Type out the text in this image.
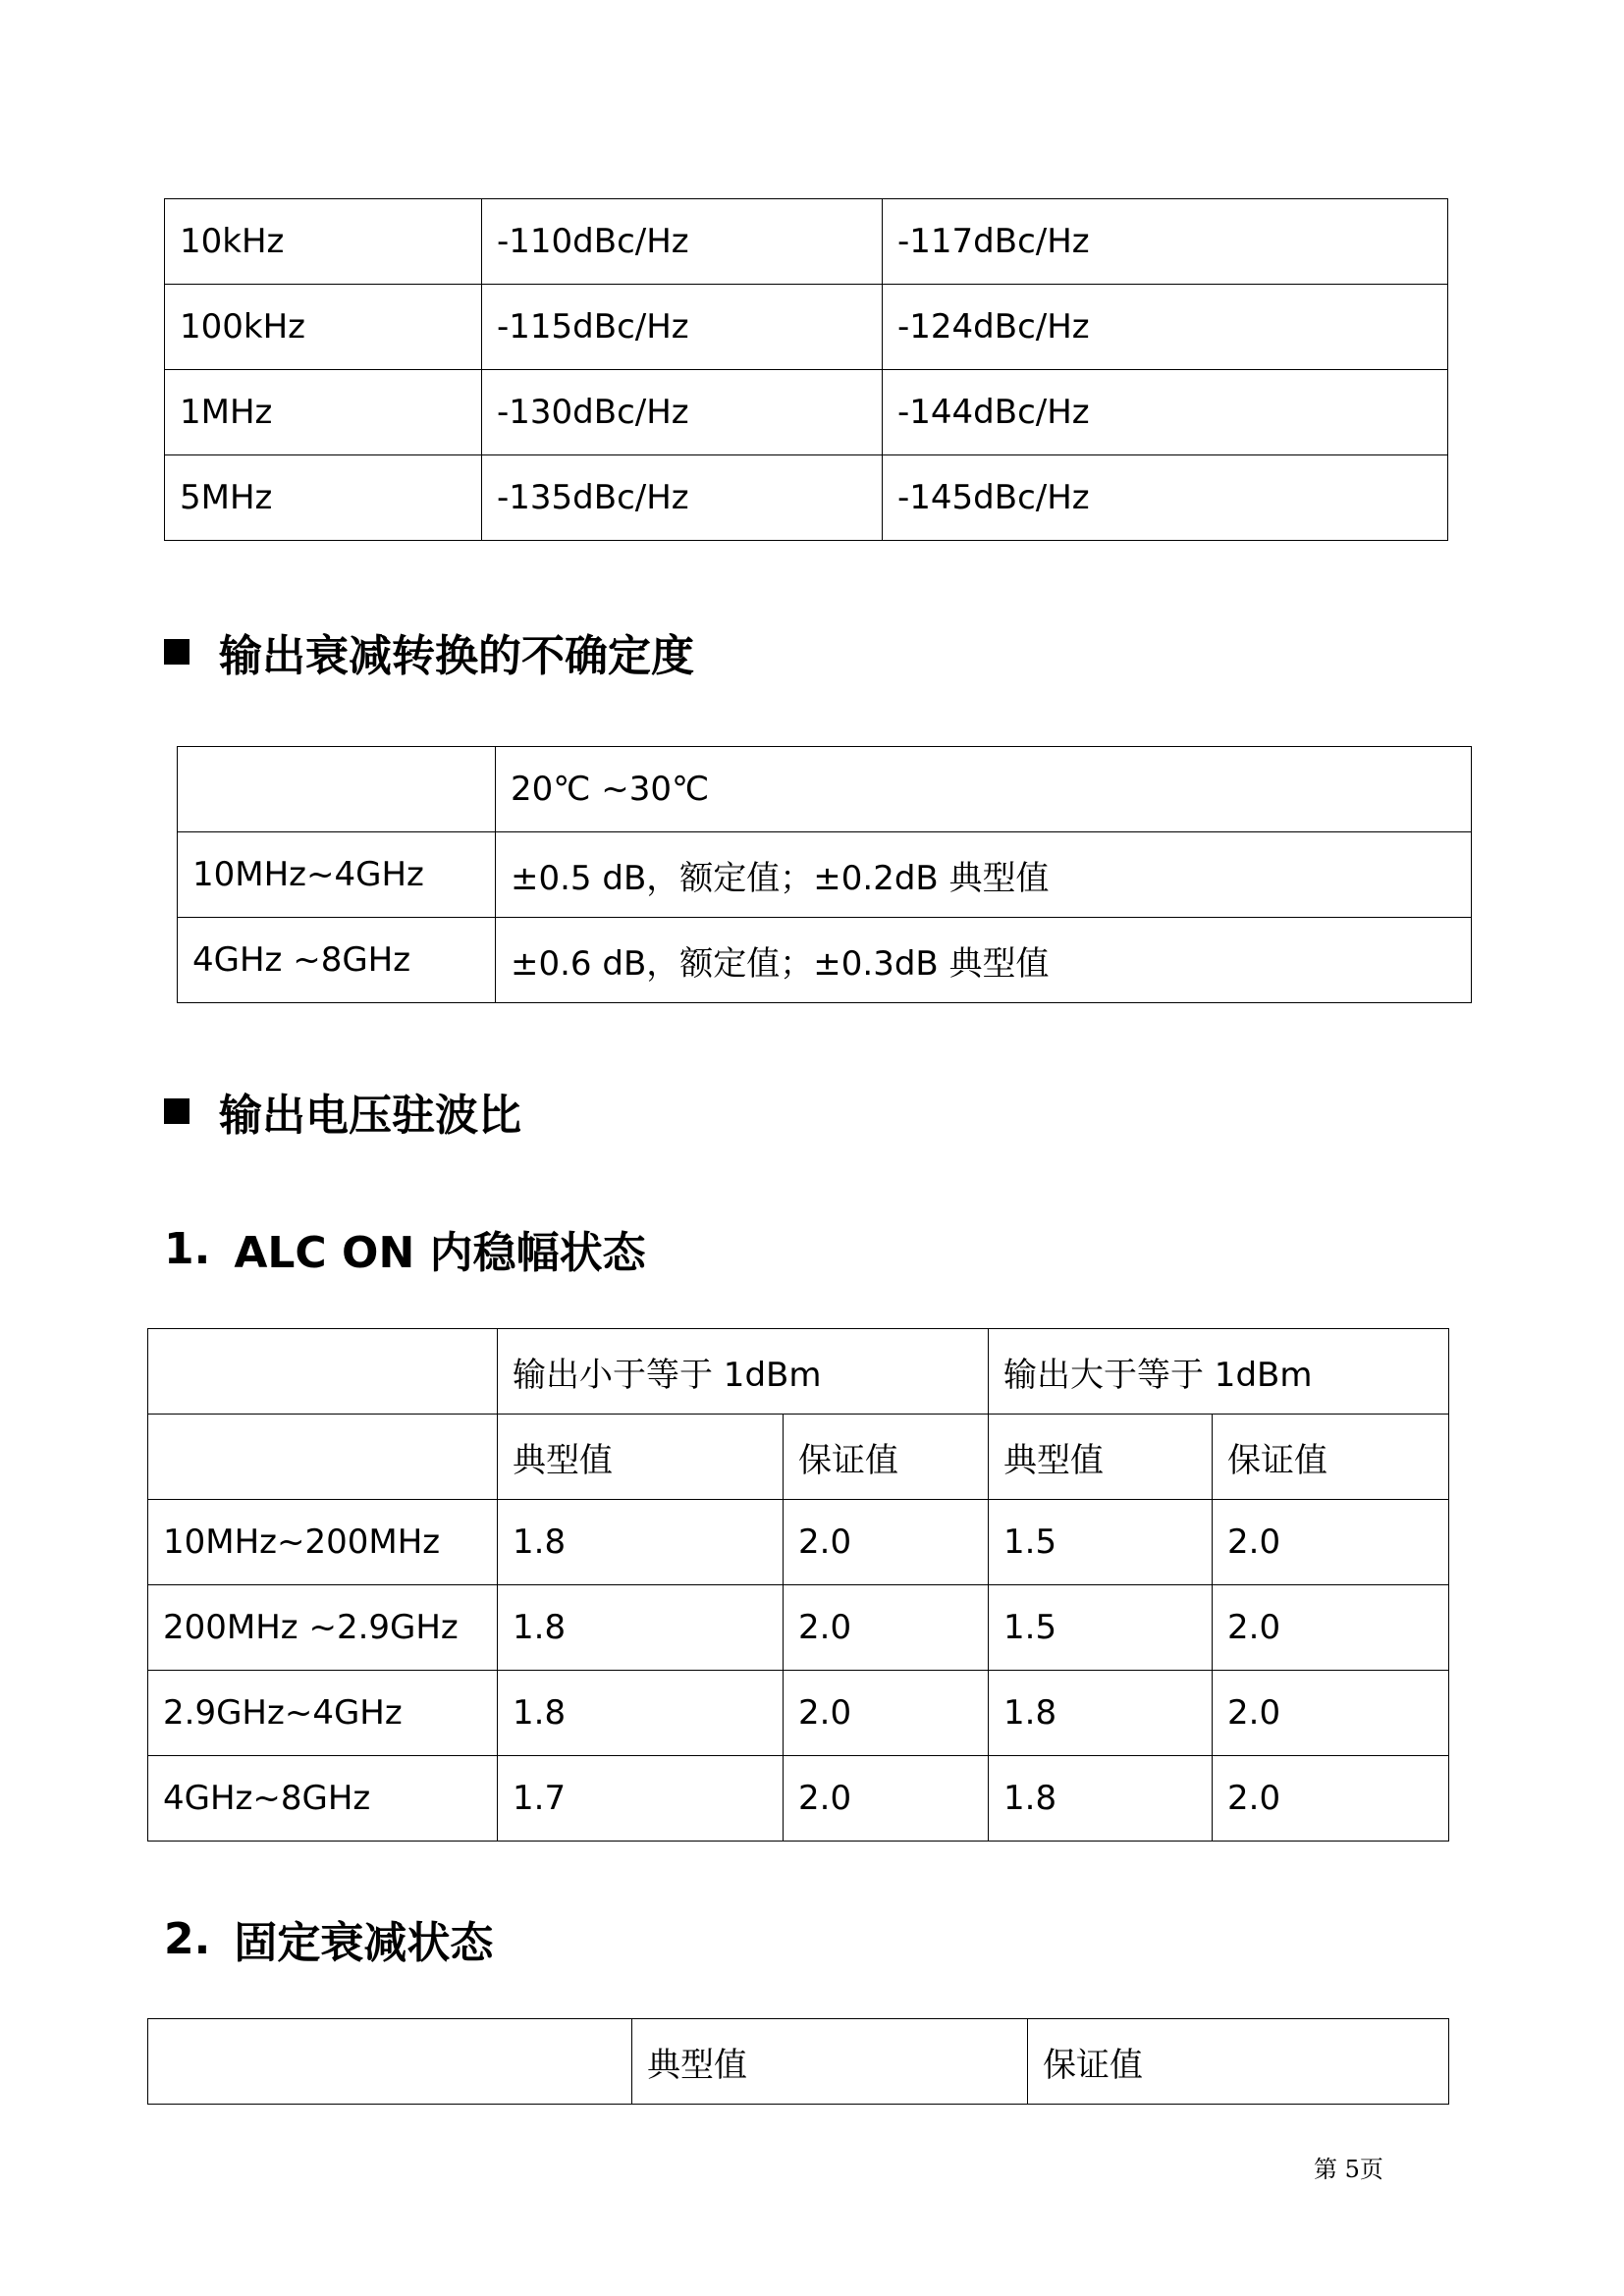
10kHz	-110dBc/Hz	-117dBc/Hz
100kHz	-115dBc/Hz	-124dBc/Hz
1MHz	-130dBc/Hz	-144dBc/Hz
5MHz	-135dBc/Hz	-145dBc/Hz
输出衰减转换的不确定度
	20℃ ~30℃
10MHz~4GHz	±0.5 dB，额定值；±0.2dB 典型值
4GHz ~8GHz	±0.6 dB，额定值；±0.3dB 典型值
输出电压驻波比
1. ALC ON 内稳幅状态
	输出小于等于 1dBm		输出大于等于 1dBm	
	典型值	保证值	典型值	保证值
10MHz~200MHz	1.8	2.0	1.5	2.0
200MHz ~2.9GHz	1.8	2.0	1.5	2.0
2.9GHz~4GHz	1.8	2.0	1.8	2.0
4GHz~8GHz	1.7	2.0	1.8	2.0
2. 固定衰减状态
	典型值	保证值
第 5页
